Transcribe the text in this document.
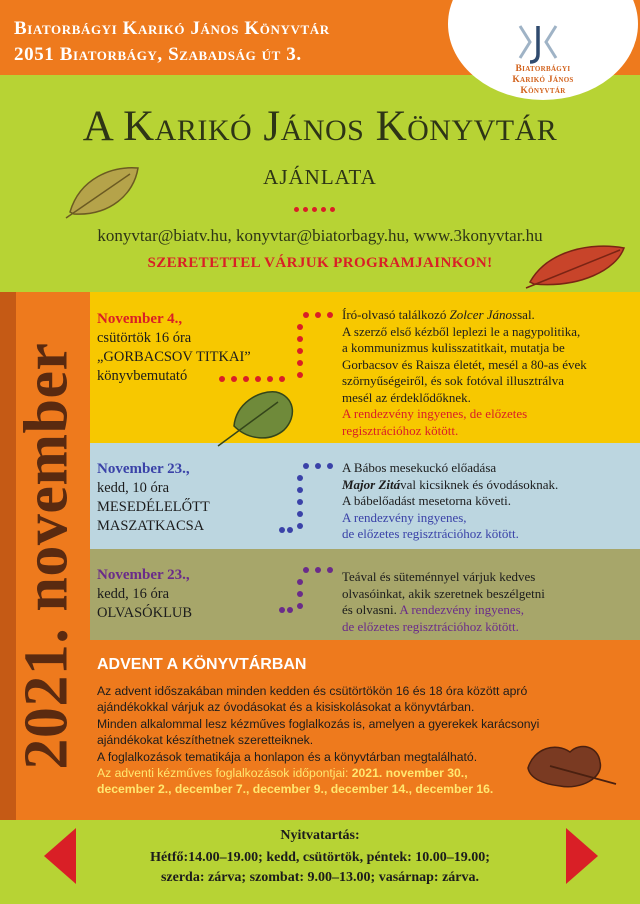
Biatorbágyi Karikó János Könyvtár
2051 Biatorbágy, Szabadság út 3.
Biatorbágyi
Karikó János
Könyvtár
A Karikó János Könyvtár
ajánlata
konyvtar@biatv.hu, konyvtar@biatorbagy.hu, www.3konyvtar.hu
SZERETETTEL VÁRJUK PROGRAMJAINKON!
2021. november
November 4.,
csütörtök 16 óra
„GORBACSOV TITKAI”
könyvbemutató
Író-olvasó találkozó Zolcer Jánossal.
A szerző első kézből leplezi le a nagypolitika,
a kommunizmus kulisszatitkait, mutatja be
Gorbacsov és Raisza életét, mesél a 80-as évek
szörnyűségeiről, és sok fotóval illusztrálva
mesél az érdeklődőknek.
A rendezvény ingyenes, de előzetes
regisztrációhoz kötött.
November 23.,
kedd, 10 óra
MESEDÉLELŐTT
MASZATKACSA
A Bábos mesekuckó előadása
Major Zitával kicsiknek és óvodásoknak.
A bábelőadást mesetorna követi.
A rendezvény ingyenes,
de előzetes regisztrációhoz kötött.
November 23.,
kedd, 16 óra
OLVASÓKLUB
Teával és süteménnyel várjuk kedves
olvasóinkat, akik szeretnek beszélgetni
és olvasni. A rendezvény ingyenes,
de előzetes regisztrációhoz kötött.
ADVENT A KÖNYVTÁRBAN
Az advent időszakában minden kedden és csütörtökön 16 és 18 óra között apró
ajándékokkal várjuk az óvodásokat és a kisiskolásokat a könyvtárban.
Minden alkalommal lesz kézműves foglalkozás is, amelyen a gyerekek karácsonyi
ajándékokat készíthetnek szeretteiknek.
A foglalkozások tematikája a honlapon és a könyvtárban megtalálható.
Az adventi kézműves foglalkozások időpontjai: 2021. november 30.,
december 2., december 7., december 9., december 14., december 16.
Nyitvatartás:
Hétfő:14.00–19.00; kedd, csütörtök, péntek: 10.00–19.00;
szerda: zárva; szombat: 9.00–13.00; vasárnap: zárva.
